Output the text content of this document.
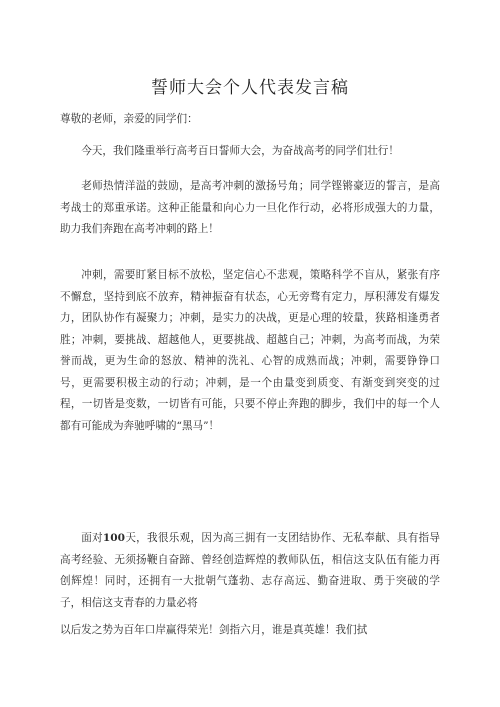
誓师大会个人代表发言稿

尊敬的老师，亲爱的同学们：

今天，我们隆重举行高考百日誓师大会，为奋战高考的同学们壮行！

老师热情洋溢的鼓励，是高考冲刺的激扬号角；同学铿锵豪迈的誓言，是高考战士的郑重承诺。这种正能量和向心力一旦化作行动，必将形成强大的力量，助力我们奔跑在高考冲刺的路上！

冲刺，需要盯紧目标不放松，坚定信心不悲观，策略科学不盲从，紧张有序不懈怠，坚持到底不放弃，精神振奋有状态，心无旁骛有定力，厚积薄发有爆发力，团队协作有凝聚力；冲刺，是实力的决战，更是心理的较量，狭路相逢勇者胜；冲刺，要挑战、超越他人，更要挑战、超越自己；冲刺，为高考而战，为荣誉而战，更为生命的怒放、精神的洗礼、心智的成熟而战；冲刺，需要铮铮口号，更需要积极主动的行动；冲刺，是一个由量变到质变、有渐变到突变的过程，一切皆是变数，一切皆有可能，只要不停止奔跑的脚步，我们中的每一个人都有可能成为奔驰呼啸的“黑马”！

面对100天，我很乐观，因为高三拥有一支团结协作、无私奉献、具有指导高考经验、无须扬鞭自奋蹄、曾经创造辉煌的教师队伍，相信这支队伍有能力再创辉煌！同时，还拥有一大批朝气蓬勃、志存高远、勤奋进取、勇于突破的学子，相信这支青春的力量必将

以后发之势为百年口岸赢得荣光！剑指六月，谁是真英雄！我们拭
